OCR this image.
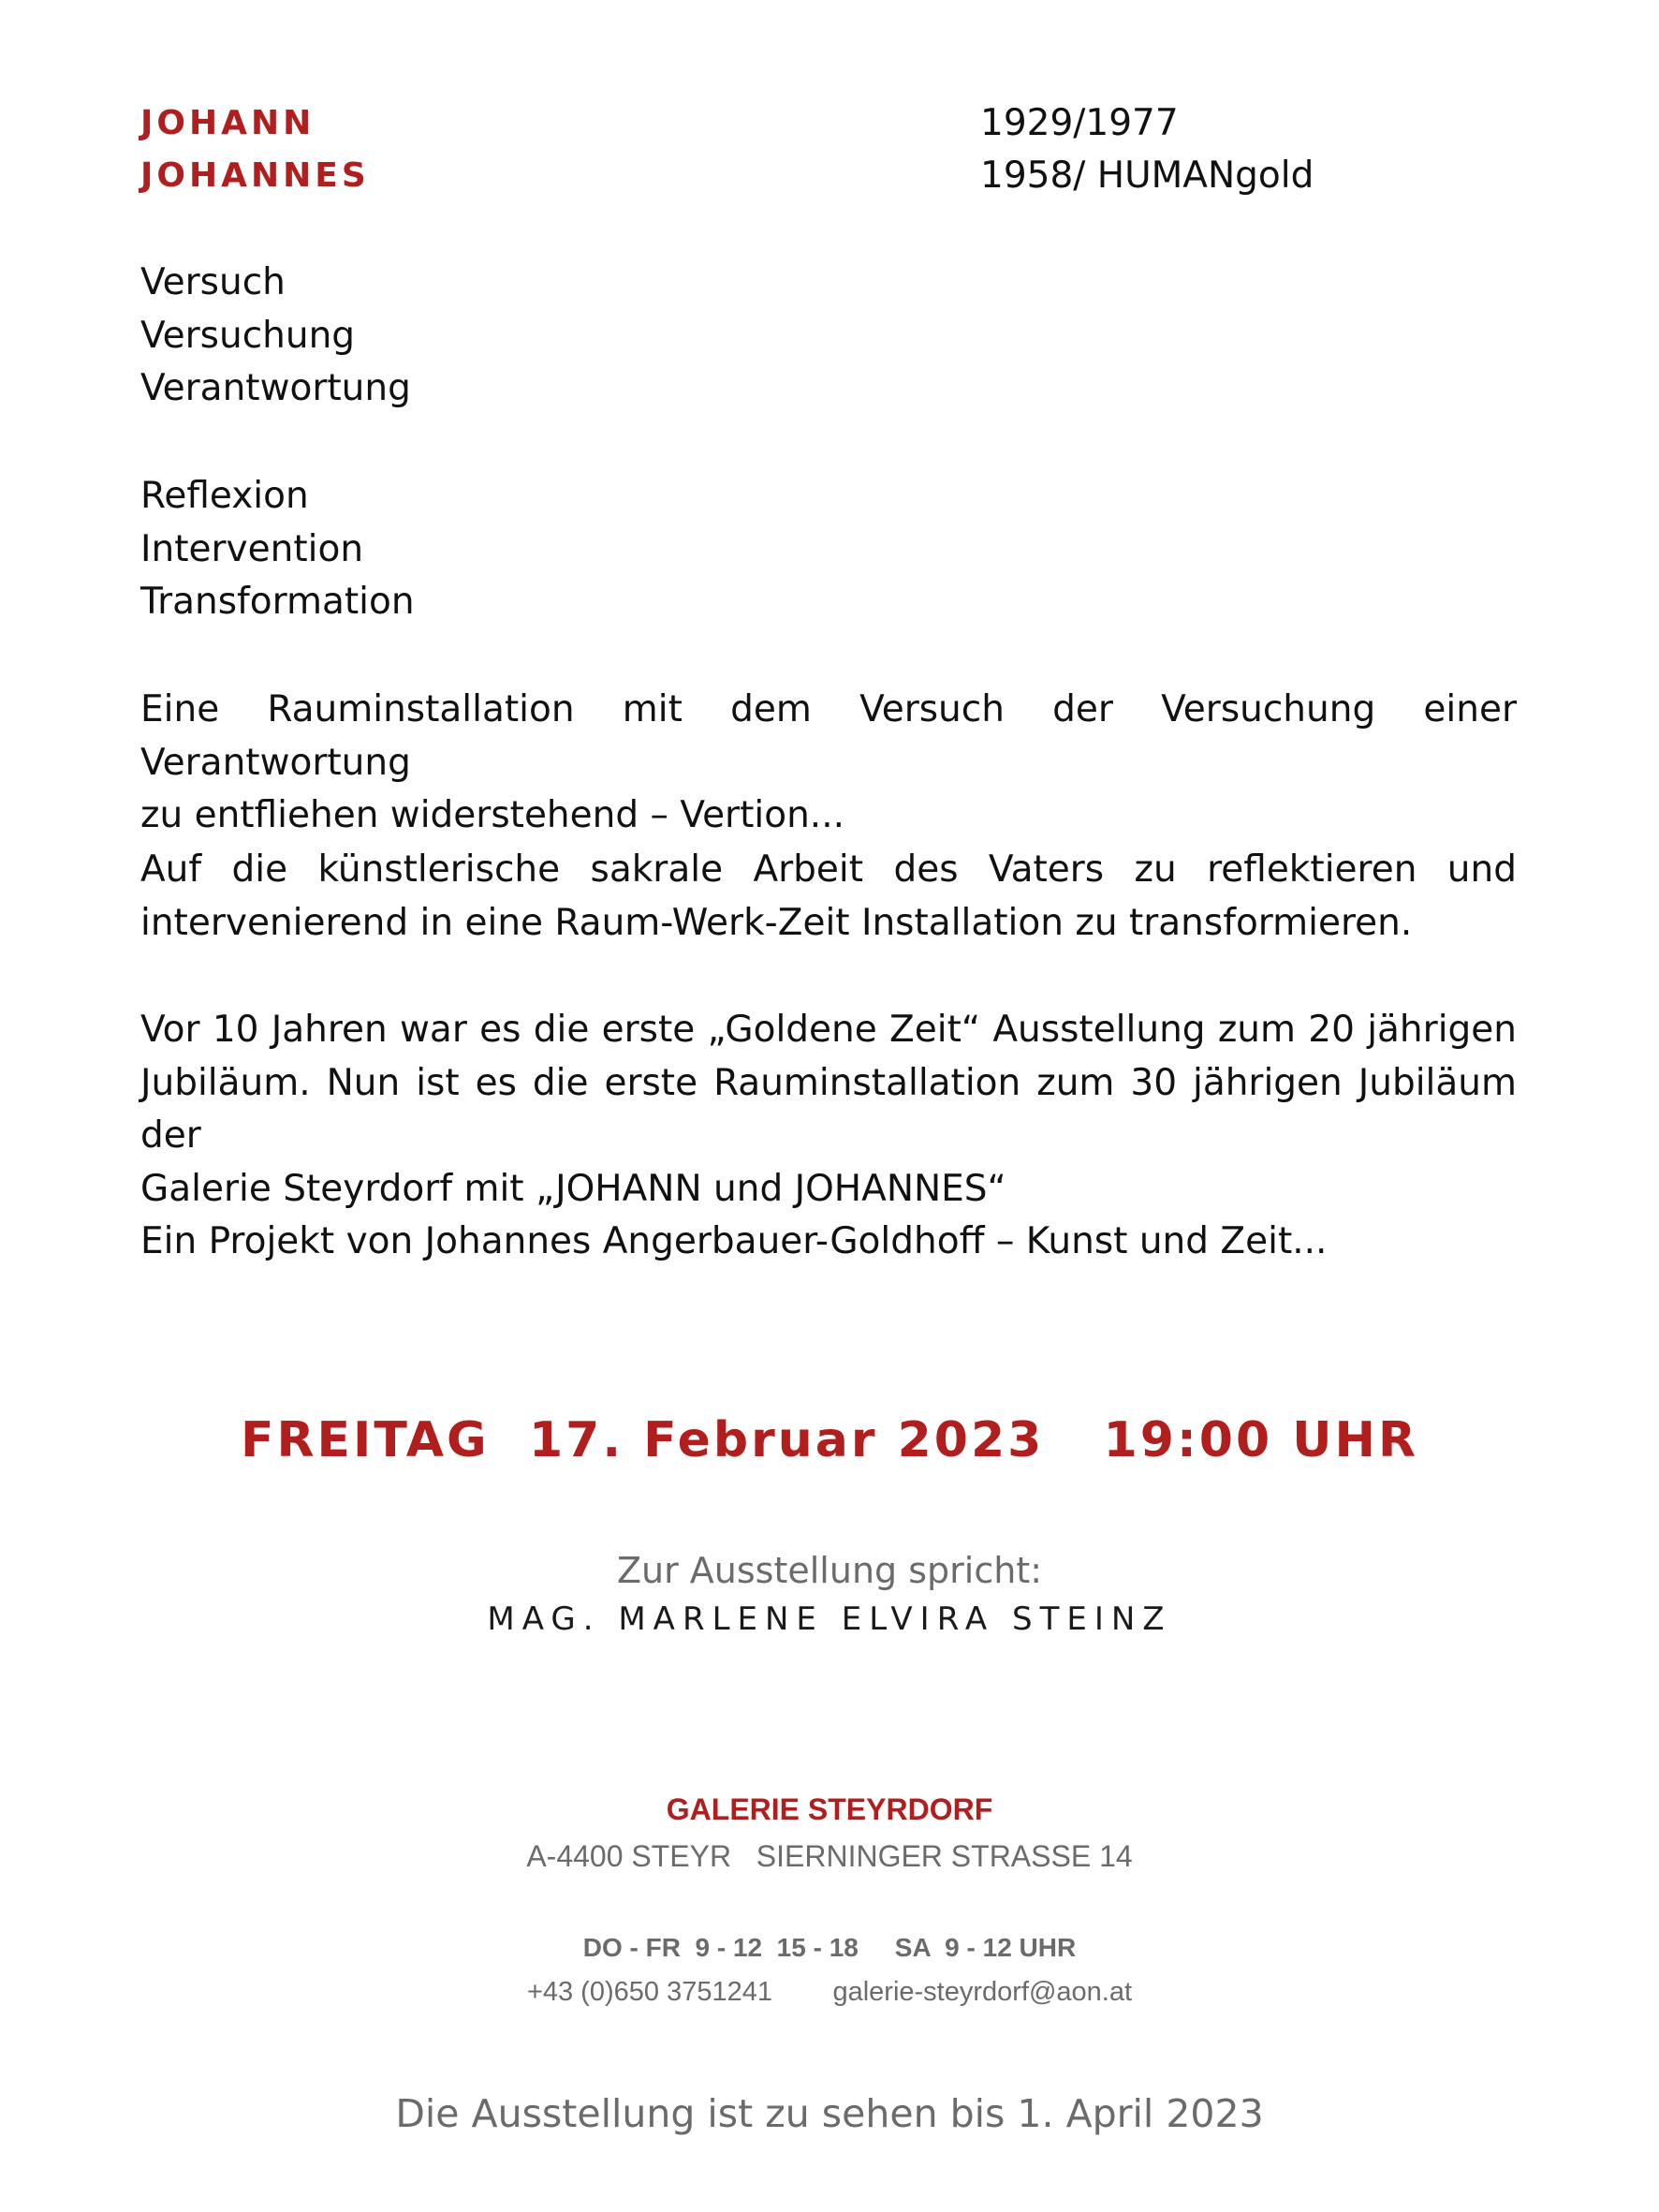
JOHANN
JOHANNES
1929/1977
1958/ HUMANgold
Versuch
Versuchung
Verantwortung
Reflexion
Intervention
Transformation
Eine Rauminstallation mit dem Versuch der Versuchung einer Verantwortung
zu entfliehen widerstehend – Vertion...
Auf die künstlerische sakrale Arbeit des Vaters zu reflektieren und
intervenierend in eine Raum-Werk-Zeit Installation zu transformieren.
Vor 10 Jahren war es die erste „Goldene Zeit“ Ausstellung zum 20 jährigen
Jubiläum. Nun ist es die erste Rauminstallation zum 30 jährigen Jubiläum der
Galerie Steyrdorf mit „JOHANN und JOHANNES“
Ein Projekt von Johannes Angerbauer-Goldhoff – Kunst und Zeit...
FREITAG 17. Februar 2023 19:00 UHR
Zur Ausstellung spricht:
MAG. MARLENE ELVIRA STEINZ
GALERIE STEYRDORF
A-4400 STEYR SIERNINGER STRASSE 14
DO - FR  9 - 12  15 - 18 SA  9 - 12 UHR
+43 (0)650 3751241 galerie-steyrdorf@aon.at
Die Ausstellung ist zu sehen bis 1. April 2023
